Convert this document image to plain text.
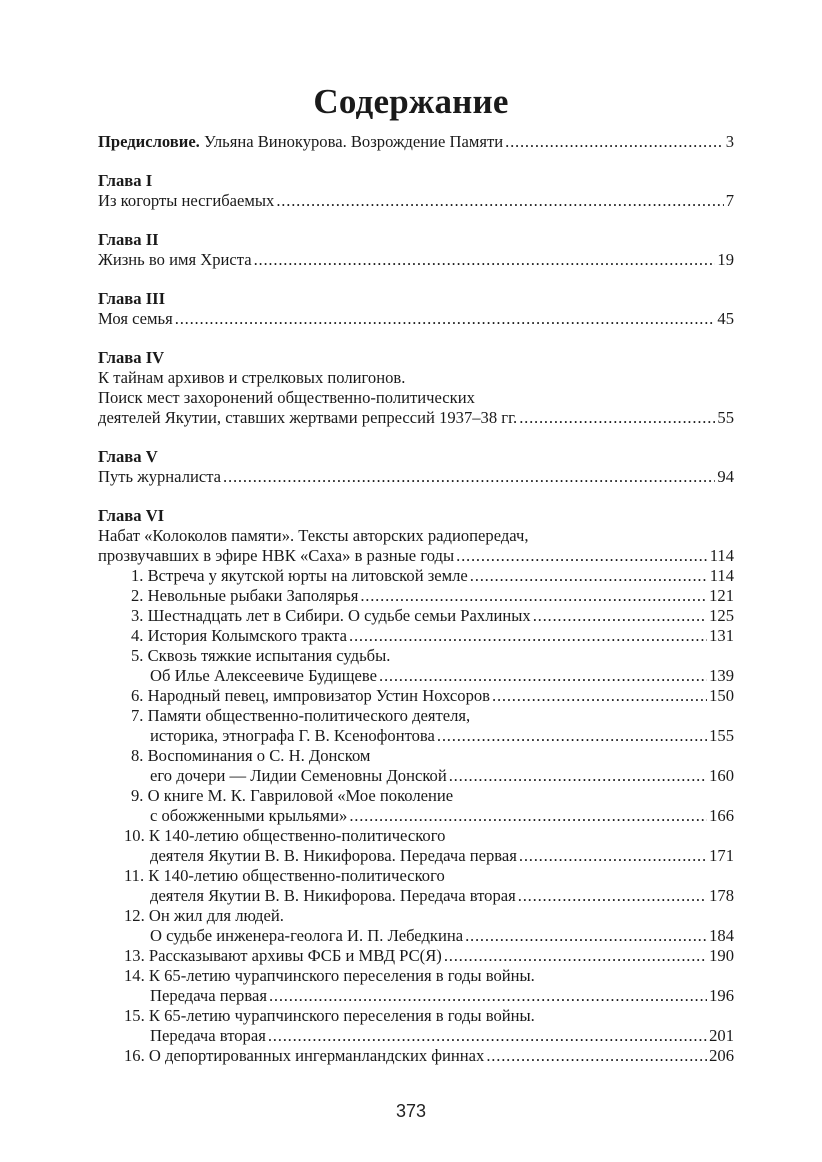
Содержание
Предисловие. Ульяна Винокурова. Возрождение Памяти .....	3
Глава I
Из когорты несгибаемых .....	7
Глава II
Жизнь во имя Христа .....	19
Глава III
Моя семья .....	45
Глава IV
К тайнам архивов и стрелковых полигонов.
Поиск мест захоронений общественно-политических
деятелей Якутии, ставших жертвами репрессий 1937–38 гг. .....	55
Глава V
Путь журналиста .....	94
Глава VI
Набат «Колоколов памяти». Тексты авторских радиопередач,
прозвучавших в эфире НВК «Саха» в разные годы .....	114
1. Встреча у якутской юрты на литовской земле .....	114
2. Невольные рыбаки Заполярья .....	121
3. Шестнадцать лет в Сибири. О судьбе семьи Рахлиных .....	125
4. История Колымского тракта .....	131
5. Сквозь тяжкие испытания судьбы.
Об Илье Алексеевиче Будищеве .....	139
6. Народный певец, импровизатор Устин Нохсоров .....	150
7. Памяти общественно-политического деятеля,
историка, этнографа Г. В. Ксенофонтова .....	155
8. Воспоминания о С. Н. Донском
его дочери — Лидии Семеновны Донской .....	160
9. О книге М. К. Гавриловой «Мое поколение
с обожженными крыльями» .....	166
10. К 140-летию общественно-политического
деятеля Якутии В. В. Никифорова. Передача первая .....	171
11. К 140-летию общественно-политического
деятеля Якутии В. В. Никифорова. Передача вторая .....	178
12. Он жил для людей.
О судьбе инженера-геолога И. П. Лебедкина .....	184
13. Рассказывают архивы ФСБ и МВД РС(Я) .....	190
14. К 65-летию чурапчинского переселения в годы войны.
Передача первая .....	196
15. К 65-летию чурапчинского переселения в годы войны.
Передача вторая .....	201
16. О депортированных ингерманландских финнах .....	206
373
